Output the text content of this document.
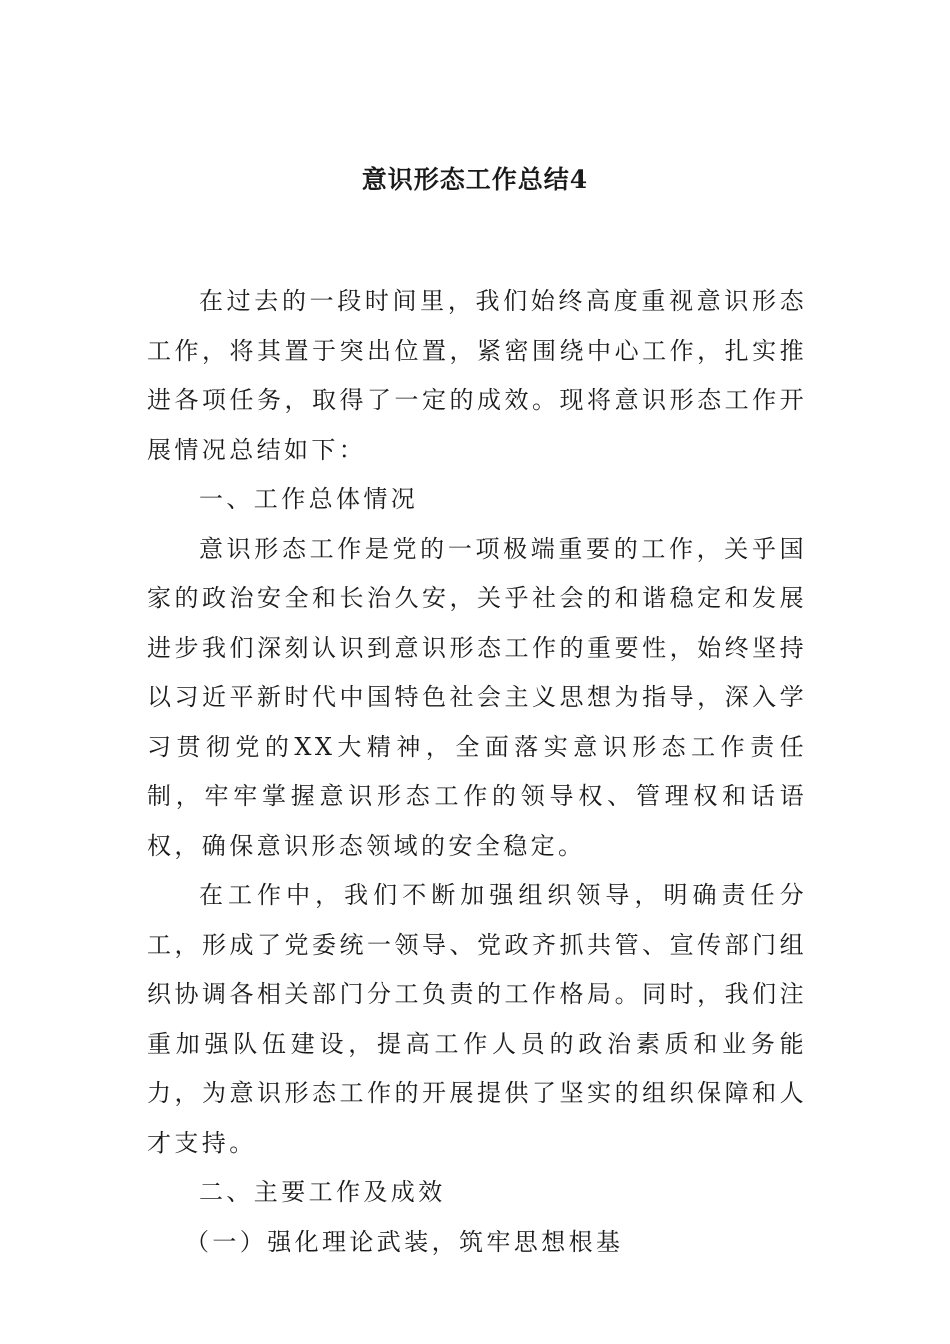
意识形态工作总结4

在过去的一段时间里，我们始终高度重视意识形态工作，将其置于突出位置，紧密围绕中心工作，扎实推进各项任务，取得了一定的成效。现将意识形态工作开展情况总结如下：

一、工作总体情况

意识形态工作是党的一项极端重要的工作，关乎国家的政治安全和长治久安，关乎社会的和谐稳定和发展进步我们深刻认识到意识形态工作的重要性，始终坚持以习近平新时代中国特色社会主义思想为指导，深入学习贯彻党的XX大精神，全面落实意识形态工作责任制，牢牢掌握意识形态工作的领导权、管理权和话语权，确保意识形态领域的安全稳定。

在工作中，我们不断加强组织领导，明确责任分工，形成了党委统一领导、党政齐抓共管、宣传部门组织协调各相关部门分工负责的工作格局。同时，我们注重加强队伍建设，提高工作人员的政治素质和业务能力，为意识形态工作的开展提供了坚实的组织保障和人才支持。

二、主要工作及成效

（一）强化理论武装，筑牢思想根基
